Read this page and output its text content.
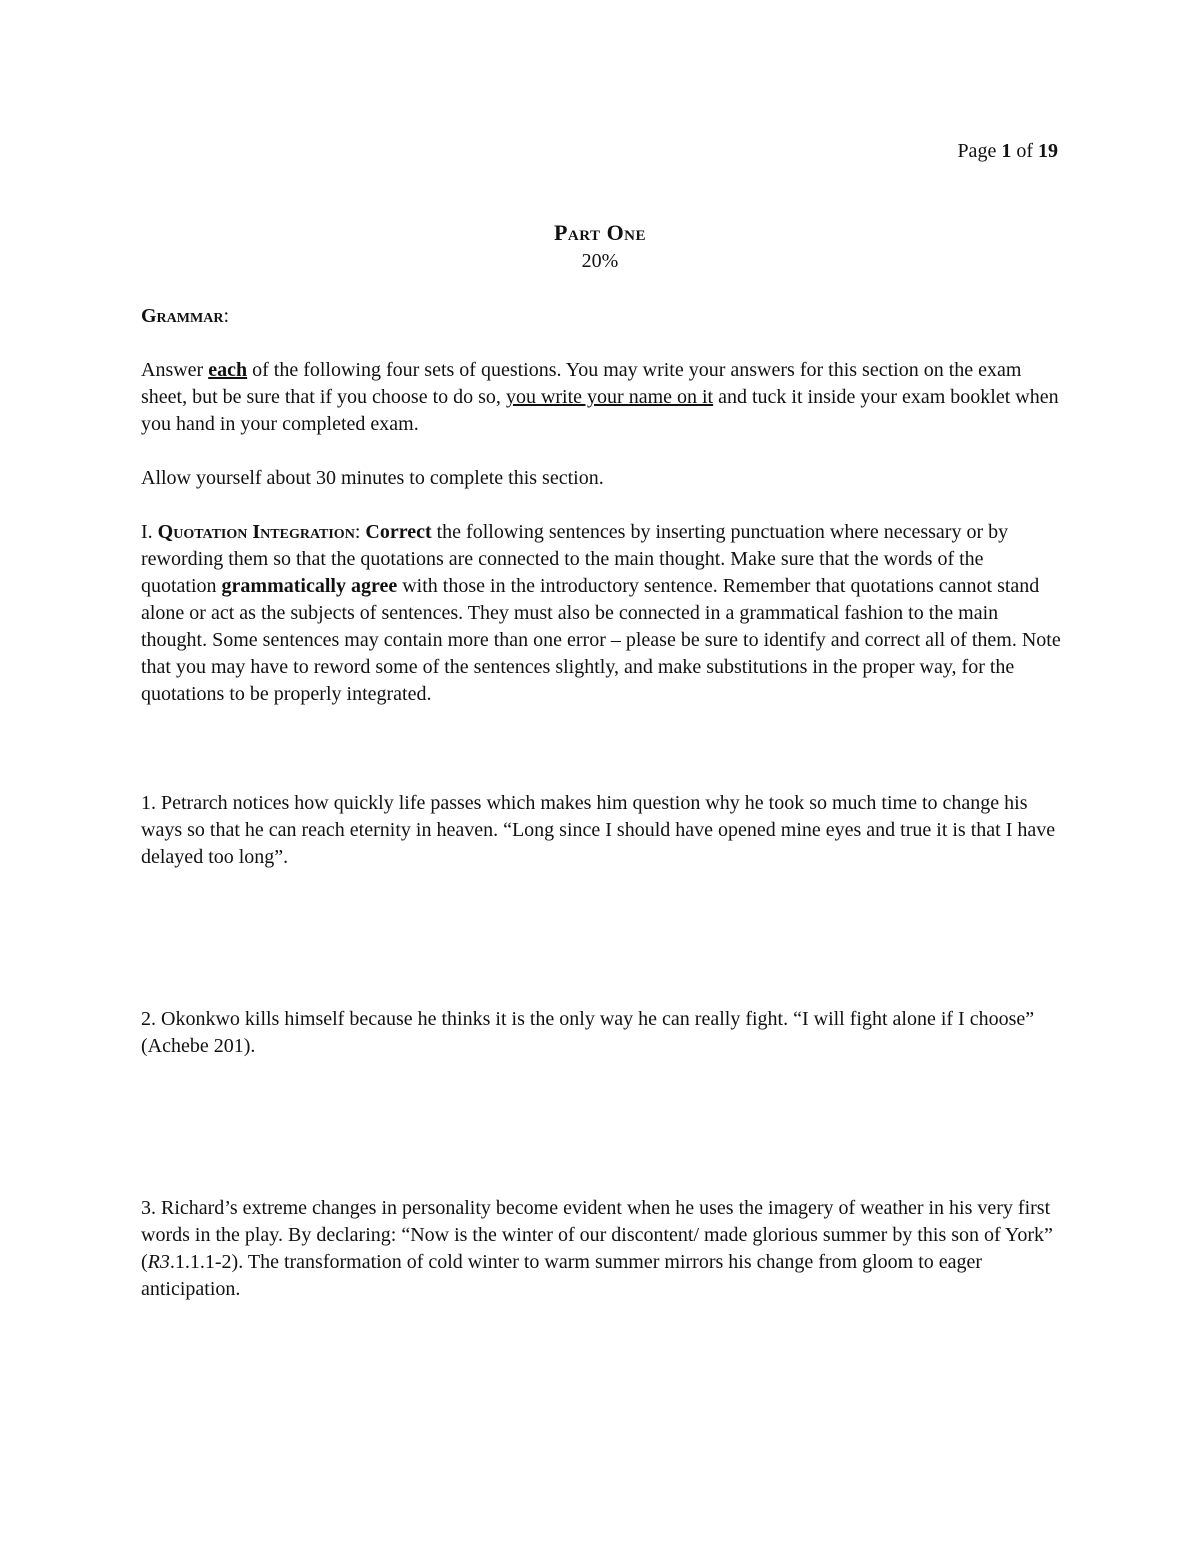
Page 1 of 19
Part One
20%
Grammar:
Answer each of the following four sets of questions. You may write your answers for this section on the exam sheet, but be sure that if you choose to do so, you write your name on it and tuck it inside your exam booklet when you hand in your completed exam.
Allow yourself about 30 minutes to complete this section.
I. Quotation Integration: Correct the following sentences by inserting punctuation where necessary or by rewording them so that the quotations are connected to the main thought. Make sure that the words of the quotation grammatically agree with those in the introductory sentence. Remember that quotations cannot stand alone or act as the subjects of sentences. They must also be connected in a grammatical fashion to the main thought. Some sentences may contain more than one error – please be sure to identify and correct all of them. Note that you may have to reword some of the sentences slightly, and make substitutions in the proper way, for the quotations to be properly integrated.
1. Petrarch notices how quickly life passes which makes him question why he took so much time to change his ways so that he can reach eternity in heaven. “Long since I should have opened mine eyes and true it is that I have delayed too long”.
2. Okonkwo kills himself because he thinks it is the only way he can really fight. “I will fight alone if I choose” (Achebe 201).
3. Richard’s extreme changes in personality become evident when he uses the imagery of weather in his very first words in the play. By declaring: “Now is the winter of our discontent/ made glorious summer by this son of York” (R3.1.1.1-2). The transformation of cold winter to warm summer mirrors his change from gloom to eager anticipation.
